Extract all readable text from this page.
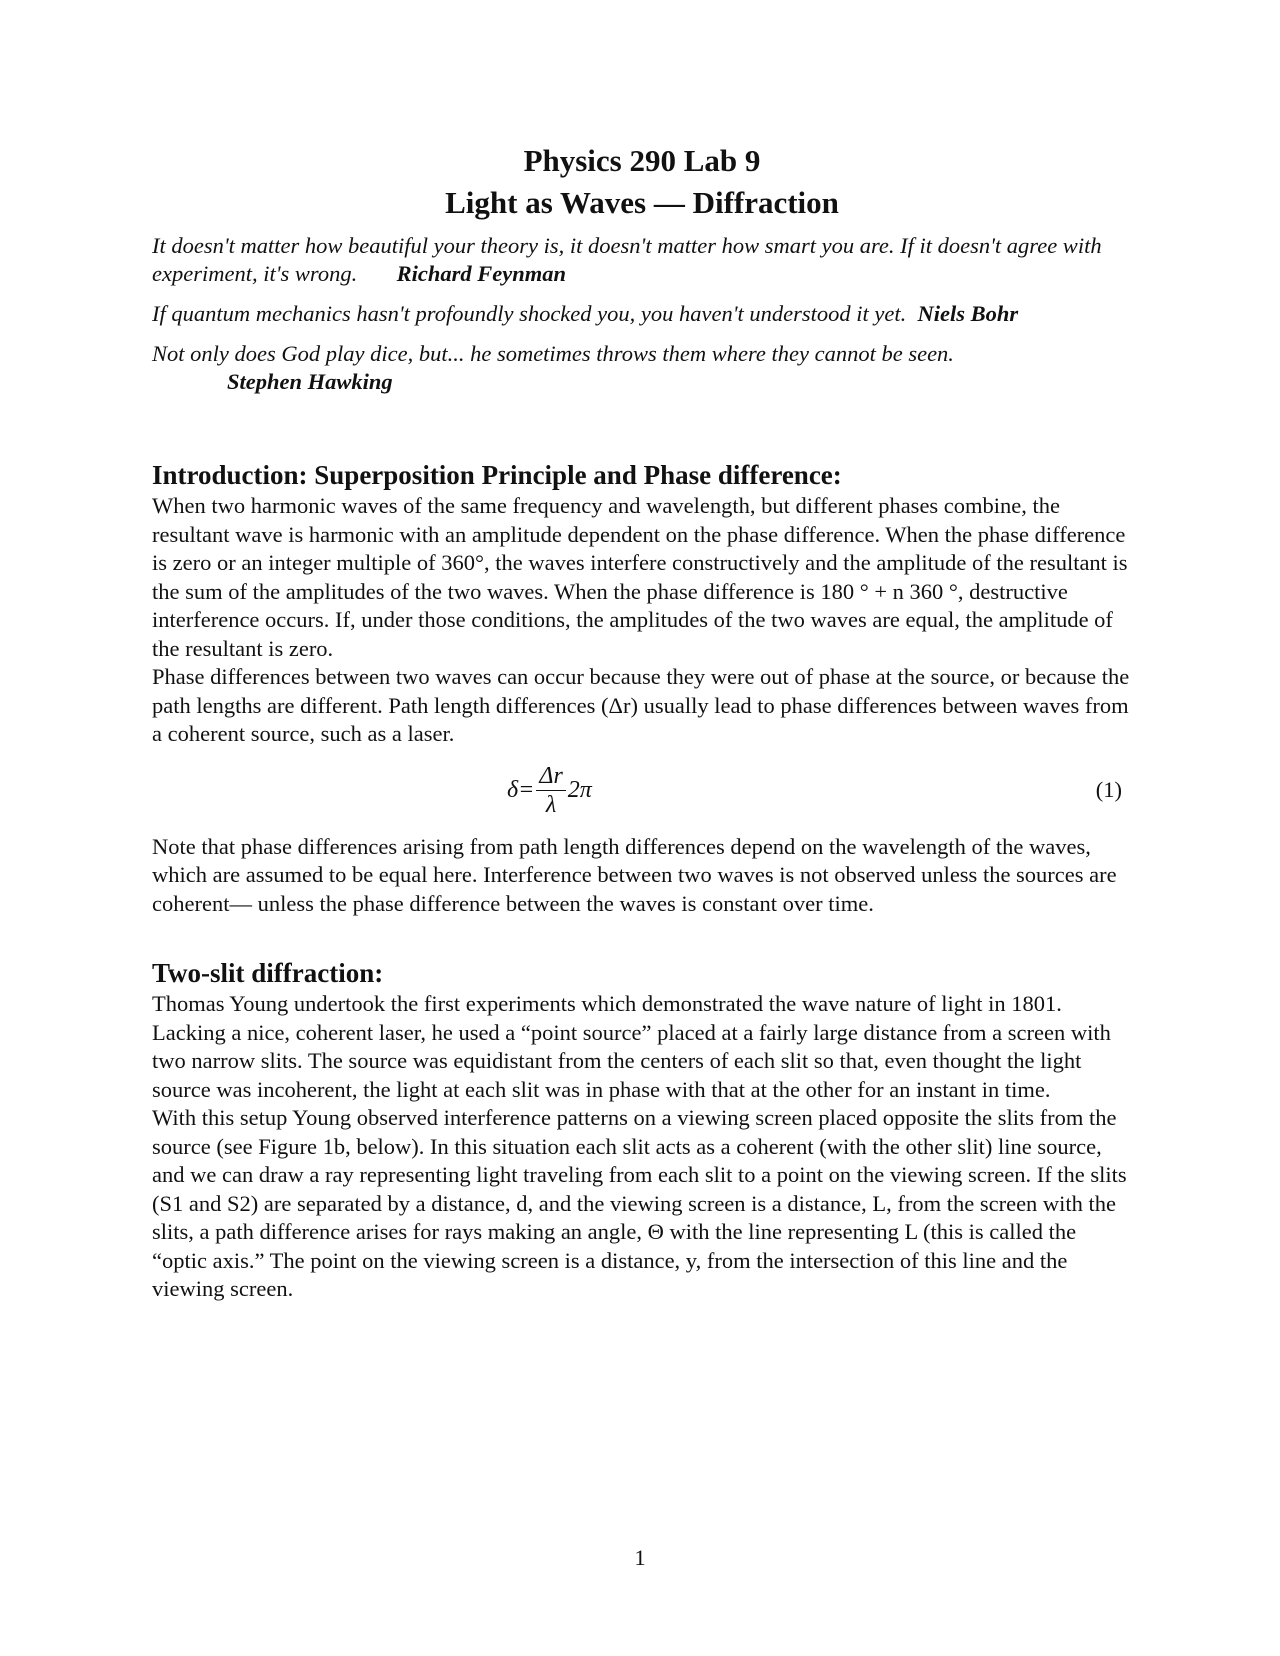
Physics 290 Lab 9
Light as Waves — Diffraction

It doesn't matter how beautiful your theory is, it doesn't matter how smart you are. If it doesn't agree with experiment, it's wrong. Richard Feynman

If quantum mechanics hasn't profoundly shocked you, you haven't understood it yet. Niels Bohr

Not only does God play dice, but... he sometimes throws them where they cannot be seen.
Stephen Hawking

Introduction: Superposition Principle and Phase difference:

When two harmonic waves of the same frequency and wavelength, but different phases combine, the resultant wave is harmonic with an amplitude dependent on the phase difference. When the phase difference is zero or an integer multiple of 360°, the waves interfere constructively and the amplitude of the resultant is the sum of the amplitudes of the two waves. When the phase difference is 180 ° + n 360 °, destructive interference occurs. If, under those conditions, the amplitudes of the two waves are equal, the amplitude of the resultant is zero.

Phase differences between two waves can occur because they were out of phase at the source, or because the path lengths are different. Path length differences (Δr) usually lead to phase differences between waves from a coherent source, such as a laser.

$\delta= \frac{\Delta r}{\lambda} 2\pi$	(1)

Note that phase differences arising from path length differences depend on the wavelength of the waves, which are assumed to be equal here. Interference between two waves is not observed unless the sources are coherent— unless the phase difference between the waves is constant over time.

Two-slit diffraction:

Thomas Young undertook the first experiments which demonstrated the wave nature of light in 1801. Lacking a nice, coherent laser, he used a “point source” placed at a fairly large distance from a screen with two narrow slits. The source was equidistant from the centers of each slit so that, even thought the light source was incoherent, the light at each slit was in phase with that at the other for an instant in time.

With this setup Young observed interference patterns on a viewing screen placed opposite the slits from the source (see Figure 1b, below). In this situation each slit acts as a coherent (with the other slit) line source, and we can draw a ray representing light traveling from each slit to a point on the viewing screen. If the slits (S1 and S2) are separated by a distance, d, and the viewing screen is a distance, L, from the screen with the slits, a path difference arises for rays making an angle, Θ with the line representing L (this is called the “optic axis.” The point on the viewing screen is a distance, y, from the intersection of this line and the viewing screen.

1
